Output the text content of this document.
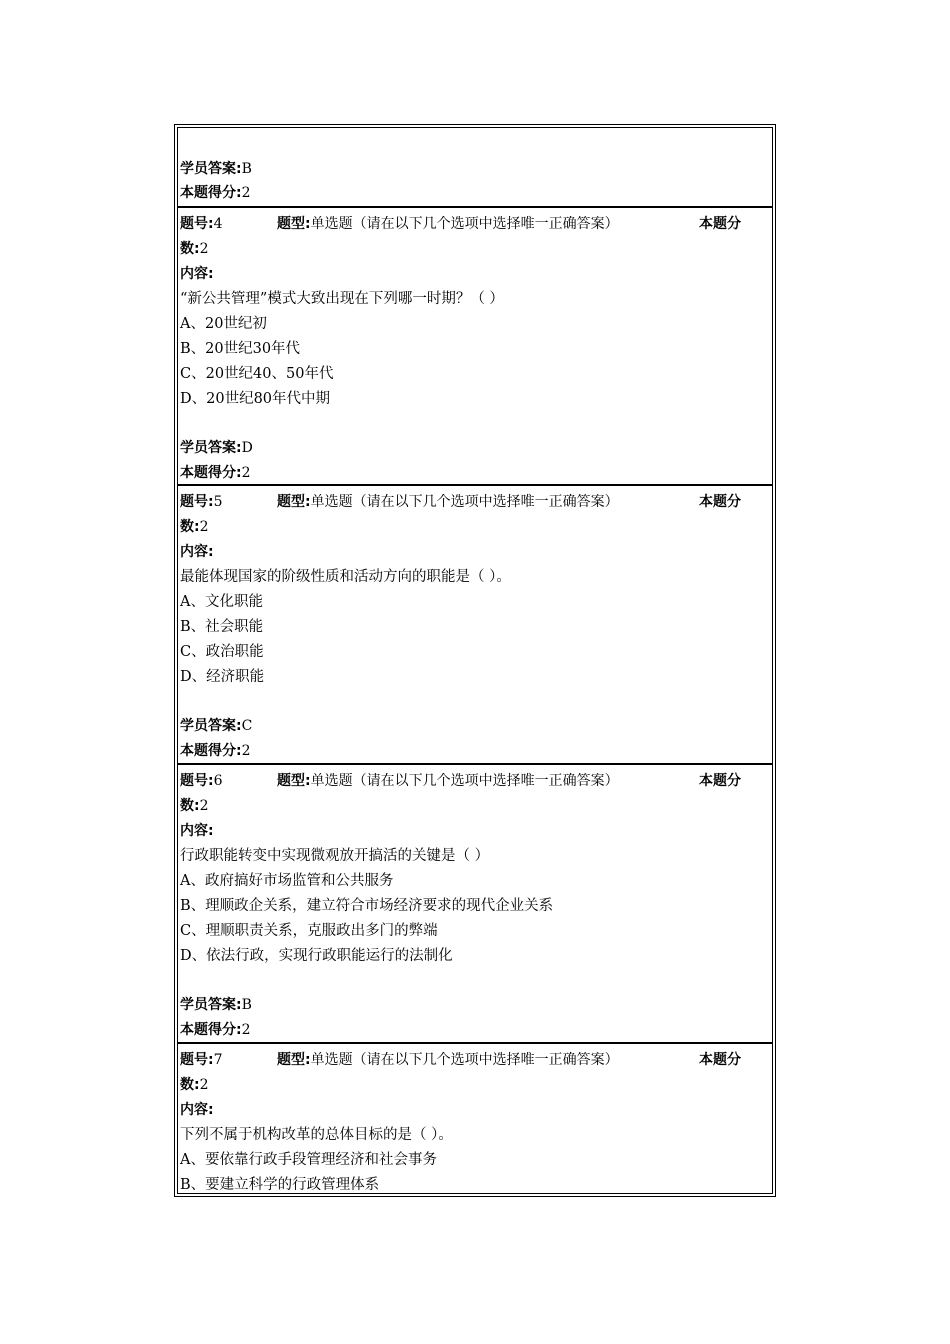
学员答案:B
本题得分:2
题号:4	题型:单选题（请在以下几个选项中选择唯一正确答案）	本题分
数:2
内容:
“新公共管理”模式大致出现在下列哪一时期？（ ）
A、20世纪初
B、20世纪30年代
C、20世纪40、50年代
D、20世纪80年代中期
学员答案:D
本题得分:2
题号:5	题型:单选题（请在以下几个选项中选择唯一正确答案）	本题分
数:2
内容:
最能体现国家的阶级性质和活动方向的职能是（ ）。
A、文化职能
B、社会职能
C、政治职能
D、经济职能
学员答案:C
本题得分:2
题号:6	题型:单选题（请在以下几个选项中选择唯一正确答案）	本题分
数:2
内容:
行政职能转变中实现微观放开搞活的关键是（ ）
A、政府搞好市场监管和公共服务
B、理顺政企关系，建立符合市场经济要求的现代企业关系
C、理顺职责关系，克服政出多门的弊端
D、依法行政，实现行政职能运行的法制化
学员答案:B
本题得分:2
题号:7	题型:单选题（请在以下几个选项中选择唯一正确答案）	本题分
数:2
内容:
下列不属于机构改革的总体目标的是（ ）。
A、要依靠行政手段管理经济和社会事务
B、要建立科学的行政管理体系
